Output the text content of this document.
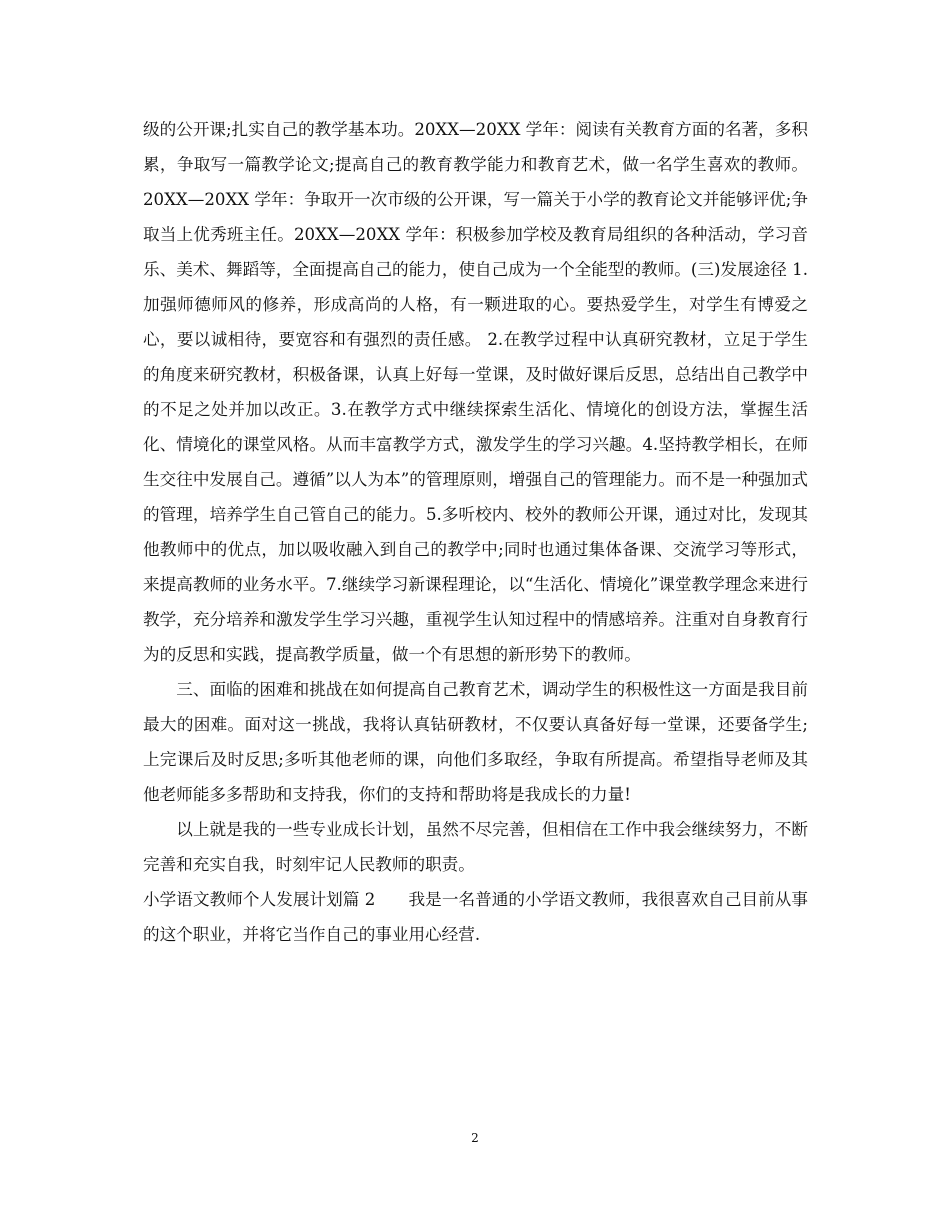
级的公开课;扎实自己的教学基本功。20XX—20XX 学年：阅读有关教育方面的名著，多积累，争取写一篇教学论文;提高自己的教育教学能力和教育艺术，做一名学生喜欢的教师。20XX—20XX 学年：争取开一次市级的公开课，写一篇关于小学的教育论文并能够评优;争取当上优秀班主任。20XX—20XX 学年：积极参加学校及教育局组织的各种活动，学习音乐、美术、舞蹈等，全面提高自己的能力，使自己成为一个全能型的教师。(三)发展途径 1.加强师德师风的修养，形成高尚的人格，有一颗进取的心。要热爱学生，对学生有博爱之心，要以诚相待，要宽容和有强烈的责任感。 2.在教学过程中认真研究教材，立足于学生的角度来研究教材，积极备课，认真上好每一堂课，及时做好课后反思，总结出自己教学中的不足之处并加以改正。3.在教学方式中继续探索生活化、情境化的创设方法，掌握生活化、情境化的课堂风格。从而丰富教学方式，激发学生的学习兴趣。4.坚持教学相长，在师生交往中发展自己。遵循”以人为本”的管理原则，增强自己的管理能力。而不是一种强加式的管理，培养学生自己管自己的能力。5.多听校内、校外的教师公开课，通过对比，发现其他教师中的优点，加以吸收融入到自己的教学中;同时也通过集体备课、交流学习等形式，来提高教师的业务水平。7.继续学习新课程理论，以“生活化、情境化”课堂教学理念来进行教学，充分培养和激发学生学习兴趣，重视学生认知过程中的情感培养。注重对自身教育行为的反思和实践，提高教学质量，做一个有思想的新形势下的教师。

三、面临的困难和挑战在如何提高自己教育艺术，调动学生的积极性这一方面是我目前最大的困难。面对这一挑战，我将认真钻研教材，不仅要认真备好每一堂课，还要备学生;上完课后及时反思;多听其他老师的课，向他们多取经，争取有所提高。希望指导老师及其他老师能多多帮助和支持我，你们的支持和帮助将是我成长的力量!

以上就是我的一些专业成长计划，虽然不尽完善，但相信在工作中我会继续努力，不断完善和充实自我，时刻牢记人民教师的职责。

小学语文教师个人发展计划篇 2 我是一名普通的小学语文教师，我很喜欢自己目前从事的这个职业，并将它当作自己的事业用心经营.

2
